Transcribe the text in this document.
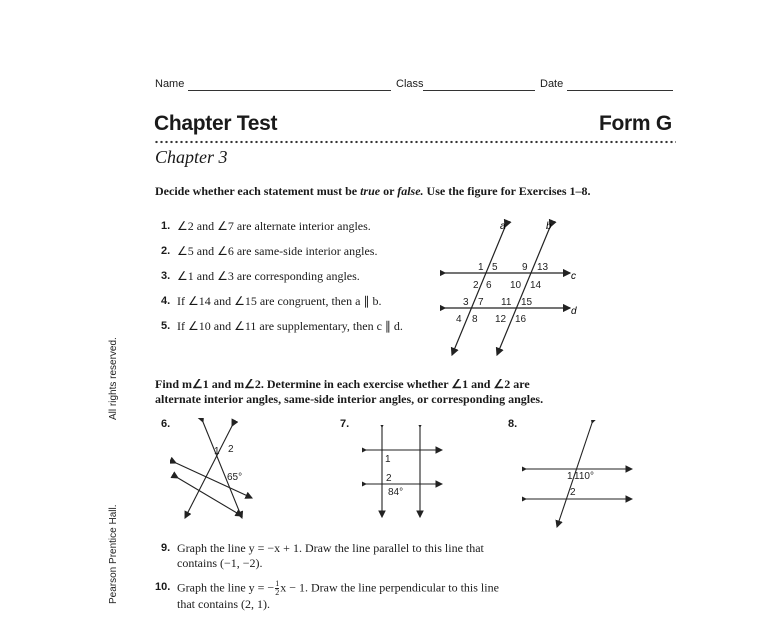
All rights reserved.
Pearson Prentice Hall.
Name	Class	Date
Chapter Test	Form G
Chapter 3
Decide whether each statement must be true or false. Use the figure for Exercises 1–8.
1. ∠2 and ∠7 are alternate interior angles.
2. ∠5 and ∠6 are same-side interior angles.
3. ∠1 and ∠3 are corresponding angles.
4. If ∠14 and ∠15 are congruent, then a ∥ b.
5. If ∠10 and ∠11 are supplementary, then c ∥ d.
a	b
c
d
1 5 9 13
2 6 10 14
3 7 11 15
4 8 12 16
Find m∠1 and m∠2. Determine in each exercise whether ∠1 and ∠2 are
alternate interior angles, same-side interior angles, or corresponding angles.
6.
1 2
65°
7.
1
2
84°
8.
1 110°
2
9. Graph the line y = −x + 1. Draw the line parallel to this line that
contains (−1, −2).
10. Graph the line y = − $\frac{1}{2}$ x − 1. Draw the line perpendicular to this line
that contains (2, 1).
